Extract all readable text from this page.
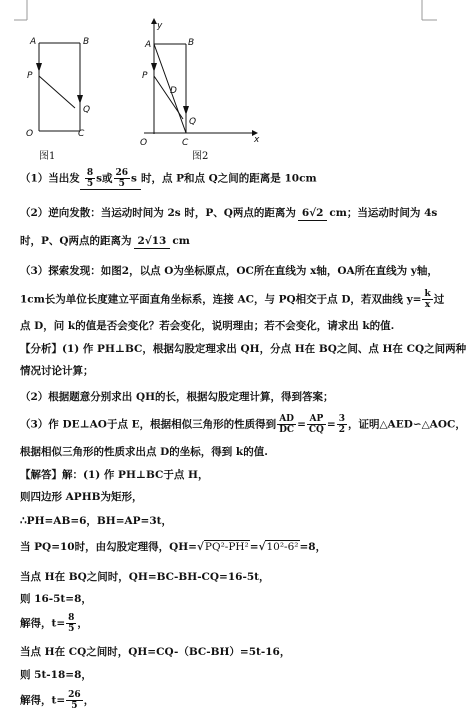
A	B
P
Q
O	C
图1
y
A	B
P
D
Q
O	C	x
图2
（1）当出发 $\frac{8}{5}$ s或 $\frac{26}{5}$ s 时，点 P和点 Q之间的距离是 10cm
（2）逆向发散：当运动时间为 2s 时，P、Q两点的距离为 6√2 cm；当运动时间为 4s
时，P、Q两点的距离为 2√13 cm
（3）探索发现：如图2，以点 O为坐标原点，OC所在直线为 x轴，OA所在直线为 y轴，
1cm长为单位长度建立平面直角坐标系，连接 AC，与 PQ相交于点 D，若双曲线 $y= \frac{k}{x}$ 过
点 D，问 k的值是否会变化？若会变化，说明理由；若不会变化，请求出 k的值.
【分析】(1) 作 PH⊥BC，根据勾股定理求出 QH，分点 H在 BQ之间、点 H在 CQ之间两种
情况讨论计算；
（2）根据题意分别求出 QH的长，根据勾股定理计算，得到答案；
（3）作 DE⊥AO于点 E，根据相似三角形的性质得到 $\frac{AD}{DC} = \frac{AP}{CQ} = \frac{3}{2}$ ，证明△AED∽△AOC，
根据相似三角形的性质求出点 D的坐标，得到 k的值.
【解答】解：(1) 作 PH⊥BC于点 H，
则四边形 APHB为矩形，
∴PH=AB=6，BH=AP=3t，
当 PQ=10时，由勾股定理得，QH=√PQ²-PH²=√10²-6²=8，
当点 H在 BQ之间时，QH=BC-BH-CQ=16-5t，
则 16-5t=8，
解得，$t= \frac{8}{5}$ ，
当点 H在 CQ之间时，QH=CQ-（BC-BH）=5t-16，
则 5t-18=8，
解得，$t= \frac{26}{5}$ ，
